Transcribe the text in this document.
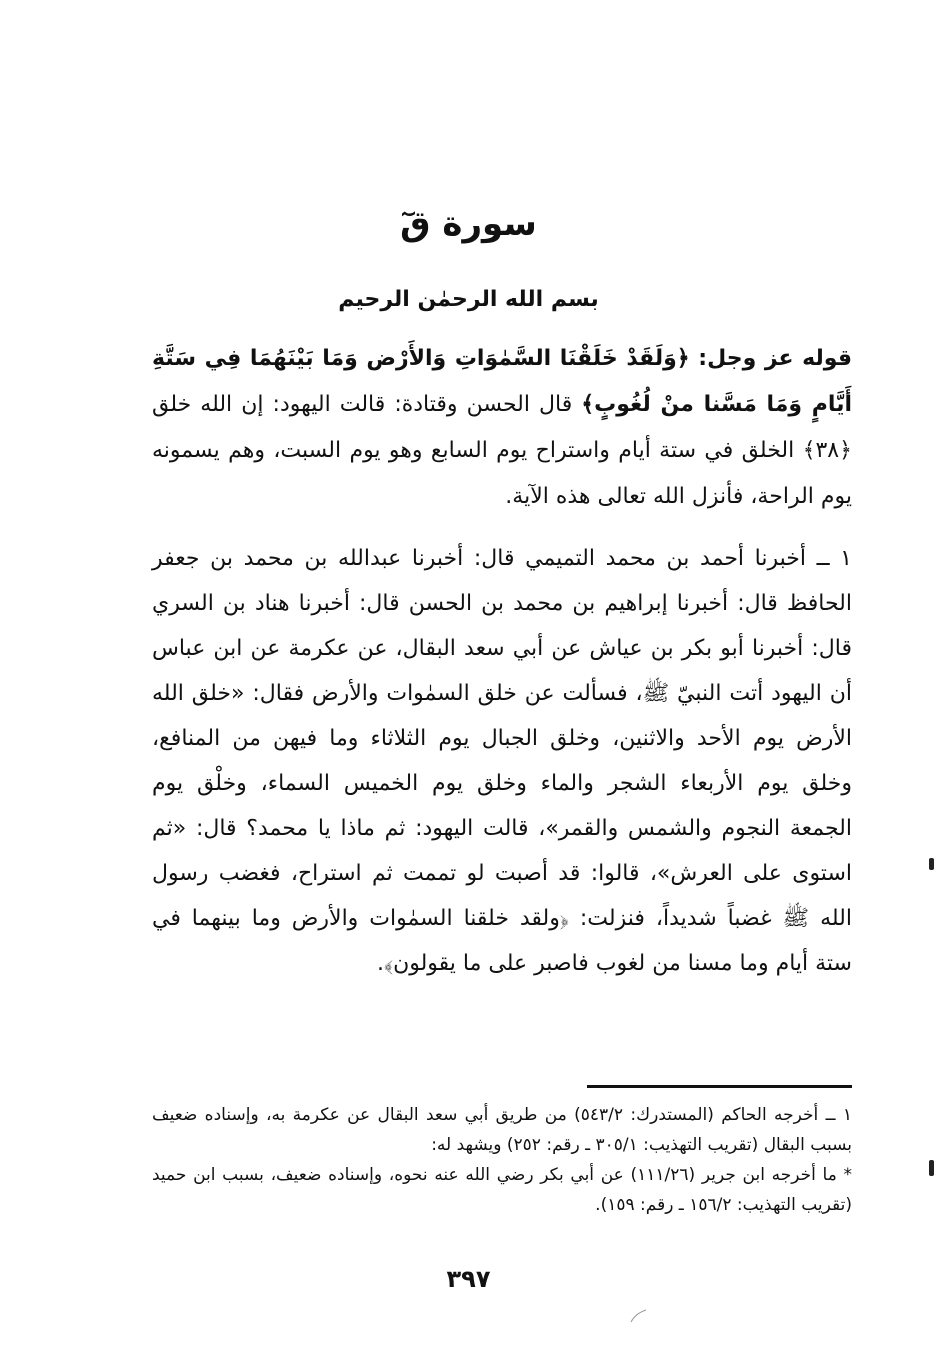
سورة قٓ
بسم الله الرحمٰن الرحيم

قوله عز وجل: ﴿وَلَقَدْ خَلَقْنَا السَّمٰوَاتِ وَالأَرْض وَمَا بَيْنَهُمَا فِي سَتَّةِ أَيَّامٍ وَمَا مَسَّنا منْ لُغُوبٍ﴾ قال الحسن وقتادة: قالت اليهود: إن الله خلق ﴿٣٨﴾ الخلق في ستة أيام واستراح يوم السابع وهو يوم السبت، وهم يسمونه يوم الراحة، فأنزل الله تعالى هذه الآية.

١ ــ أخبرنا أحمد بن محمد التميمي قال: أخبرنا عبدالله بن محمد بن جعفر الحافظ قال: أخبرنا إبراهيم بن محمد بن الحسن قال: أخبرنا هناد بن السري قال: أخبرنا أبو بكر بن عياش عن أبي سعد البقال، عن عكرمة عن ابن عباس أن اليهود أتت النبيّ ﷺ، فسألت عن خلق السمٰوات والأرض فقال: «خلق الله الأرض يوم الأحد والاثنين، وخلق الجبال يوم الثلاثاء وما فيهن من المنافع، وخلق يوم الأربعاء الشجر والماء وخلق يوم الخميس السماء، وخلْق يوم الجمعة النجوم والشمس والقمر»، قالت اليهود: ثم ماذا يا محمد؟ قال: «ثم استوى على العرش»، قالوا: قد أصبت لو تممت ثم استراح، فغضب رسول الله ﷺ غضباً شديداً، فنزلت: ﴿ولقد خلقنا السمٰوات والأرض وما بينهما في ستة أيام وما مسنا من لغوب فاصبر على ما يقولون﴾.

١ ــ أخرجه الحاكم (المستدرك: ٥٤٣/٢) من طريق أبي سعد البقال عن عكرمة به، وإسناده ضعيف بسبب البقال (تقريب التهذيب: ٣٠٥/١ ـ رقم: ٢٥٢) ويشهد له:

* ما أخرجه ابن جرير (١١١/٢٦) عن أبي بكر رضي الله عنه نحوه، وإسناده ضعيف، بسبب ابن حميد (تقريب التهذيب: ١٥٦/٢ ـ رقم: ١٥٩).

٣٩٧
